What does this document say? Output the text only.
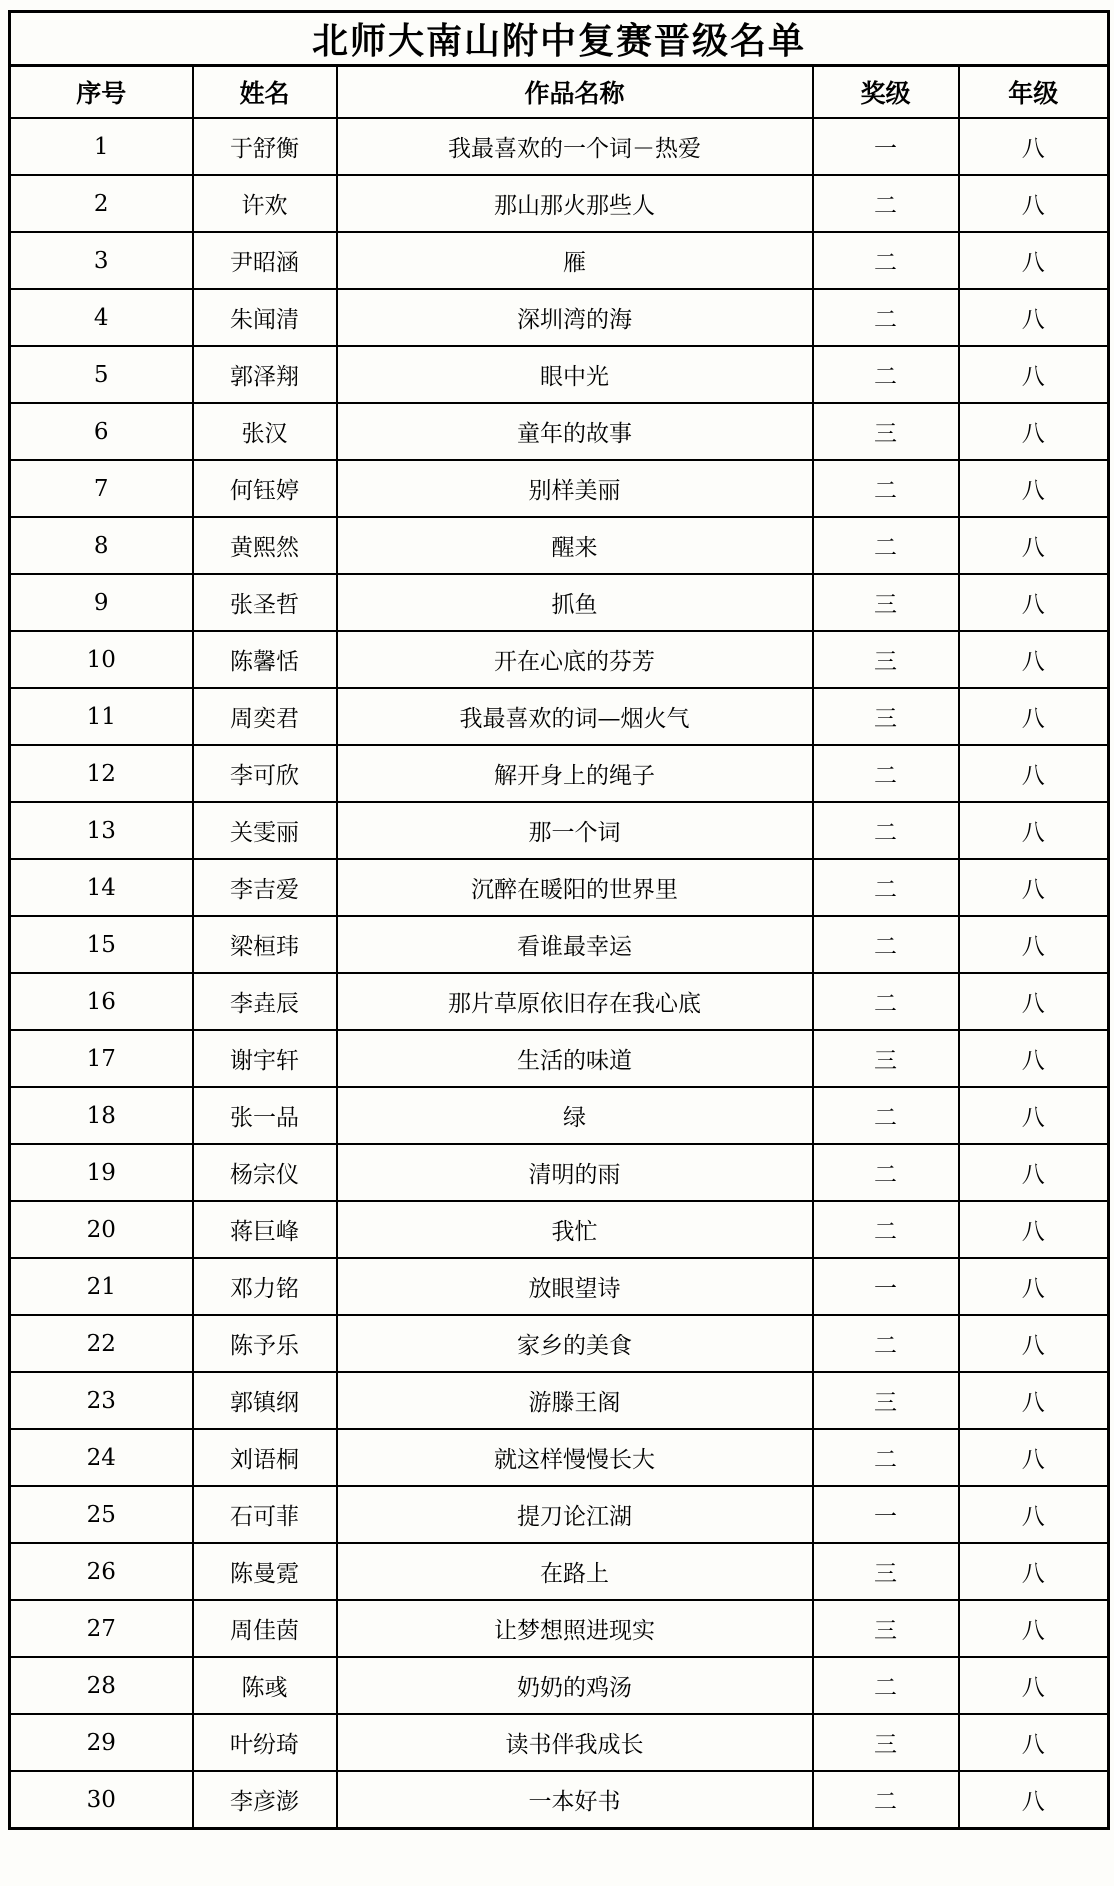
北师大南山附中复赛晋级名单				
序号	姓名	作品名称	奖级	年级
1	于舒衡	我最喜欢的一个词－热爱	一	八
2	许欢	那山那火那些人	二	八
3	尹昭涵	雁	二	八
4	朱闻清	深圳湾的海	二	八
5	郭泽翔	眼中光	二	八
6	张汉	童年的故事	三	八
7	何钰婷	别样美丽	二	八
8	黄熙然	醒来	二	八
9	张圣哲	抓鱼	三	八
10	陈馨恬	开在心底的芬芳	三	八
11	周奕君	我最喜欢的词—烟火气	三	八
12	李可欣	解开身上的绳子	二	八
13	关雯丽	那一个词	二	八
14	李吉爱	沉醉在暖阳的世界里	二	八
15	梁桓玮	看谁最幸运	二	八
16	李垚辰	那片草原依旧存在我心底	二	八
17	谢宇轩	生活的味道	三	八
18	张一品	绿	二	八
19	杨宗仪	清明的雨	二	八
20	蒋巨峰	我忙	二	八
21	邓力铭	放眼望诗	一	八
22	陈予乐	家乡的美食	二	八
23	郭镇纲	游滕王阁	三	八
24	刘语桐	就这样慢慢长大	二	八
25	石可菲	提刀论江湖	一	八
26	陈曼霓	在路上	三	八
27	周佳茵	让梦想照进现实	三	八
28	陈彧	奶奶的鸡汤	二	八
29	叶纷琦	读书伴我成长	三	八
30	李彦澎	一本好书	二	八
